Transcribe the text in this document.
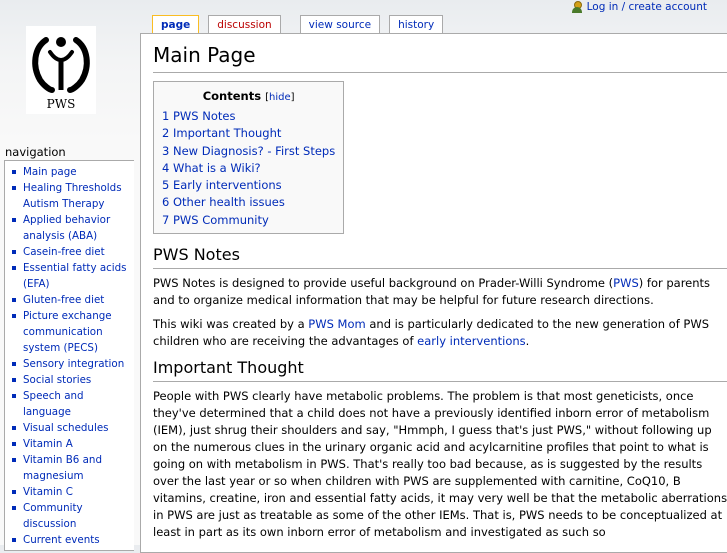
Log in / create account
PWS
page	discussion	view source	history
Main Page
Contents [hide]
1 PWS Notes
2 Important Thought
3 New Diagnosis? - First Steps
4 What is a Wiki?
5 Early interventions
6 Other health issues
7 PWS Community
PWS Notes

PWS Notes is designed to provide useful background on Prader-Willi Syndrome (PWS) for parents and to organize medical information that may be helpful for future research directions.

This wiki was created by a PWS Mom and is particularly dedicated to the new generation of PWS children who are receiving the advantages of early interventions.

Important Thought

People with PWS clearly have metabolic problems. The problem is that most geneticists, once they've determined that a child does not have a previously identified inborn error of metabolism (IEM), just shrug their shoulders and say, "Hmmph, I guess that's just PWS," without following up on the numerous clues in the urinary organic acid and acylcarnitine profiles that point to what is going on with metabolism in PWS. That's really too bad because, as is suggested by the results over the last year or so when children with PWS are supplemented with carnitine, CoQ10, B vitamins, creatine, iron and essential fatty acids, it may very well be that the metabolic aberrations in PWS are just as treatable as some of the other IEMs. That is, PWS needs to be conceptualized at least in part as its own inborn error of metabolism and investigated as such so

navigation
Main page
Healing Thresholds Autism Therapy
Applied behavior analysis (ABA)
Casein-free diet
Essential fatty acids (EFA)
Gluten-free diet
Picture exchange communication system (PECS)
Sensory integration
Social stories
Speech and language
Visual schedules
Vitamin A
Vitamin B6 and magnesium
Vitamin C
Community discussion
Current events
